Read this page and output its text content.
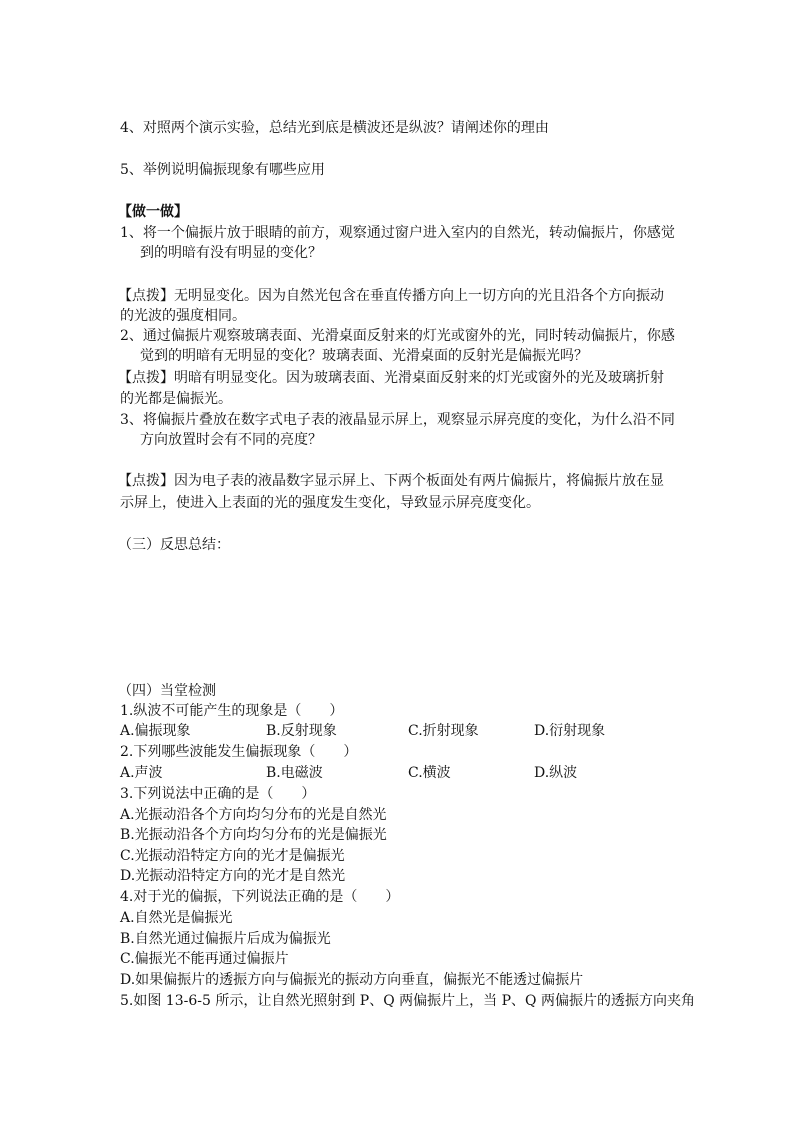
4、对照两个演示实验，总结光到底是横波还是纵波？请阐述你的理由
5、举例说明偏振现象有哪些应用
【做一做】
1、将一个偏振片放于眼睛的前方，观察通过窗户进入室内的自然光，转动偏振片，你感觉
到的明暗有没有明显的变化？
【点拨】无明显变化。因为自然光包含在垂直传播方向上一切方向的光且沿各个方向振动
的光波的强度相同。
2、通过偏振片观察玻璃表面、光滑桌面反射来的灯光或窗外的光，同时转动偏振片，你感
觉到的明暗有无明显的变化？玻璃表面、光滑桌面的反射光是偏振光吗？
【点拨】明暗有明显变化。因为玻璃表面、光滑桌面反射来的灯光或窗外的光及玻璃折射
的光都是偏振光。
3、将偏振片叠放在数字式电子表的液晶显示屏上，观察显示屏亮度的变化，为什么沿不同
方向放置时会有不同的亮度？
【点拨】因为电子表的液晶数字显示屏上、下两个板面处有两片偏振片，将偏振片放在显
示屏上，使进入上表面的光的强度发生变化，导致显示屏亮度变化。
（三）反思总结：
（四）当堂检测
1.纵波不可能产生的现象是（　　）
A.偏振现象	B.反射现象	C.折射现象	D.衍射现象
2.下列哪些波能发生偏振现象（　　）
A.声波	B.电磁波	C.横波	D.纵波
3.下列说法中正确的是（　　）
A.光振动沿各个方向均匀分布的光是自然光
B.光振动沿各个方向均匀分布的光是偏振光
C.光振动沿特定方向的光才是偏振光
D.光振动沿特定方向的光才是自然光
4.对于光的偏振，下列说法正确的是（　　）
A.自然光是偏振光
B.自然光通过偏振片后成为偏振光
C.偏振光不能再通过偏振片
D.如果偏振片的透振方向与偏振光的振动方向垂直，偏振光不能透过偏振片
5.如图 13-6-5 所示，让自然光照射到 P、Q 两偏振片上，当 P、Q 两偏振片的透振方向夹角
